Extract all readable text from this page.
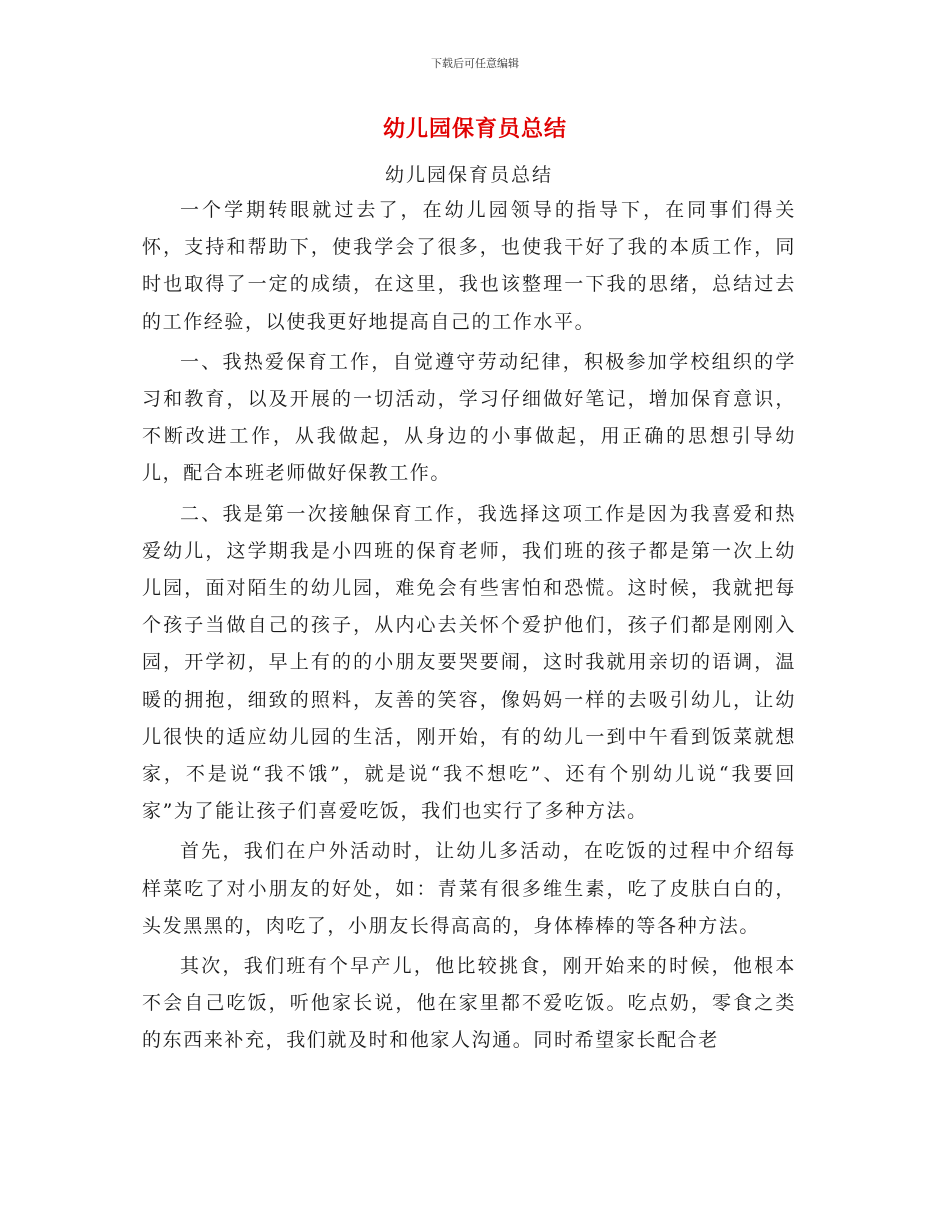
下载后可任意编辑
幼儿园保育员总结
幼儿园保育员总结

一个学期转眼就过去了，在幼儿园领导的指导下，在同事们得关怀，支持和帮助下，使我学会了很多，也使我干好了我的本质工作，同时也取得了一定的成绩，在这里，我也该整理一下我的思绪，总结过去的工作经验，以使我更好地提高自己的工作水平。

一、我热爱保育工作，自觉遵守劳动纪律，积极参加学校组织的学习和教育，以及开展的一切活动，学习仔细做好笔记，增加保育意识，不断改进工作，从我做起，从身边的小事做起，用正确的思想引导幼儿，配合本班老师做好保教工作。

二、我是第一次接触保育工作，我选择这项工作是因为我喜爱和热爱幼儿，这学期我是小四班的保育老师，我们班的孩子都是第一次上幼儿园，面对陌生的幼儿园，难免会有些害怕和恐慌。这时候，我就把每个孩子当做自己的孩子，从内心去关怀个爱护他们，孩子们都是刚刚入园，开学初，早上有的的小朋友要哭要闹，这时我就用亲切的语调，温暖的拥抱，细致的照料，友善的笑容，像妈妈一样的去吸引幼儿，让幼儿很快的适应幼儿园的生活，刚开始，有的幼儿一到中午看到饭菜就想家，不是说“我不饿”，就是说“我不想吃”、还有个别幼儿说“我要回家”为了能让孩子们喜爱吃饭，我们也实行了多种方法。

首先，我们在户外活动时，让幼儿多活动，在吃饭的过程中介绍每样菜吃了对小朋友的好处，如：青菜有很多维生素，吃了皮肤白白的，头发黑黑的，肉吃了，小朋友长得高高的，身体棒棒的等各种方法。

其次，我们班有个早产儿，他比较挑食，刚开始来的时候，他根本不会自己吃饭，听他家长说，他在家里都不爱吃饭。吃点奶，零食之类的东西来补充，我们就及时和他家人沟通。同时希望家长配合老
